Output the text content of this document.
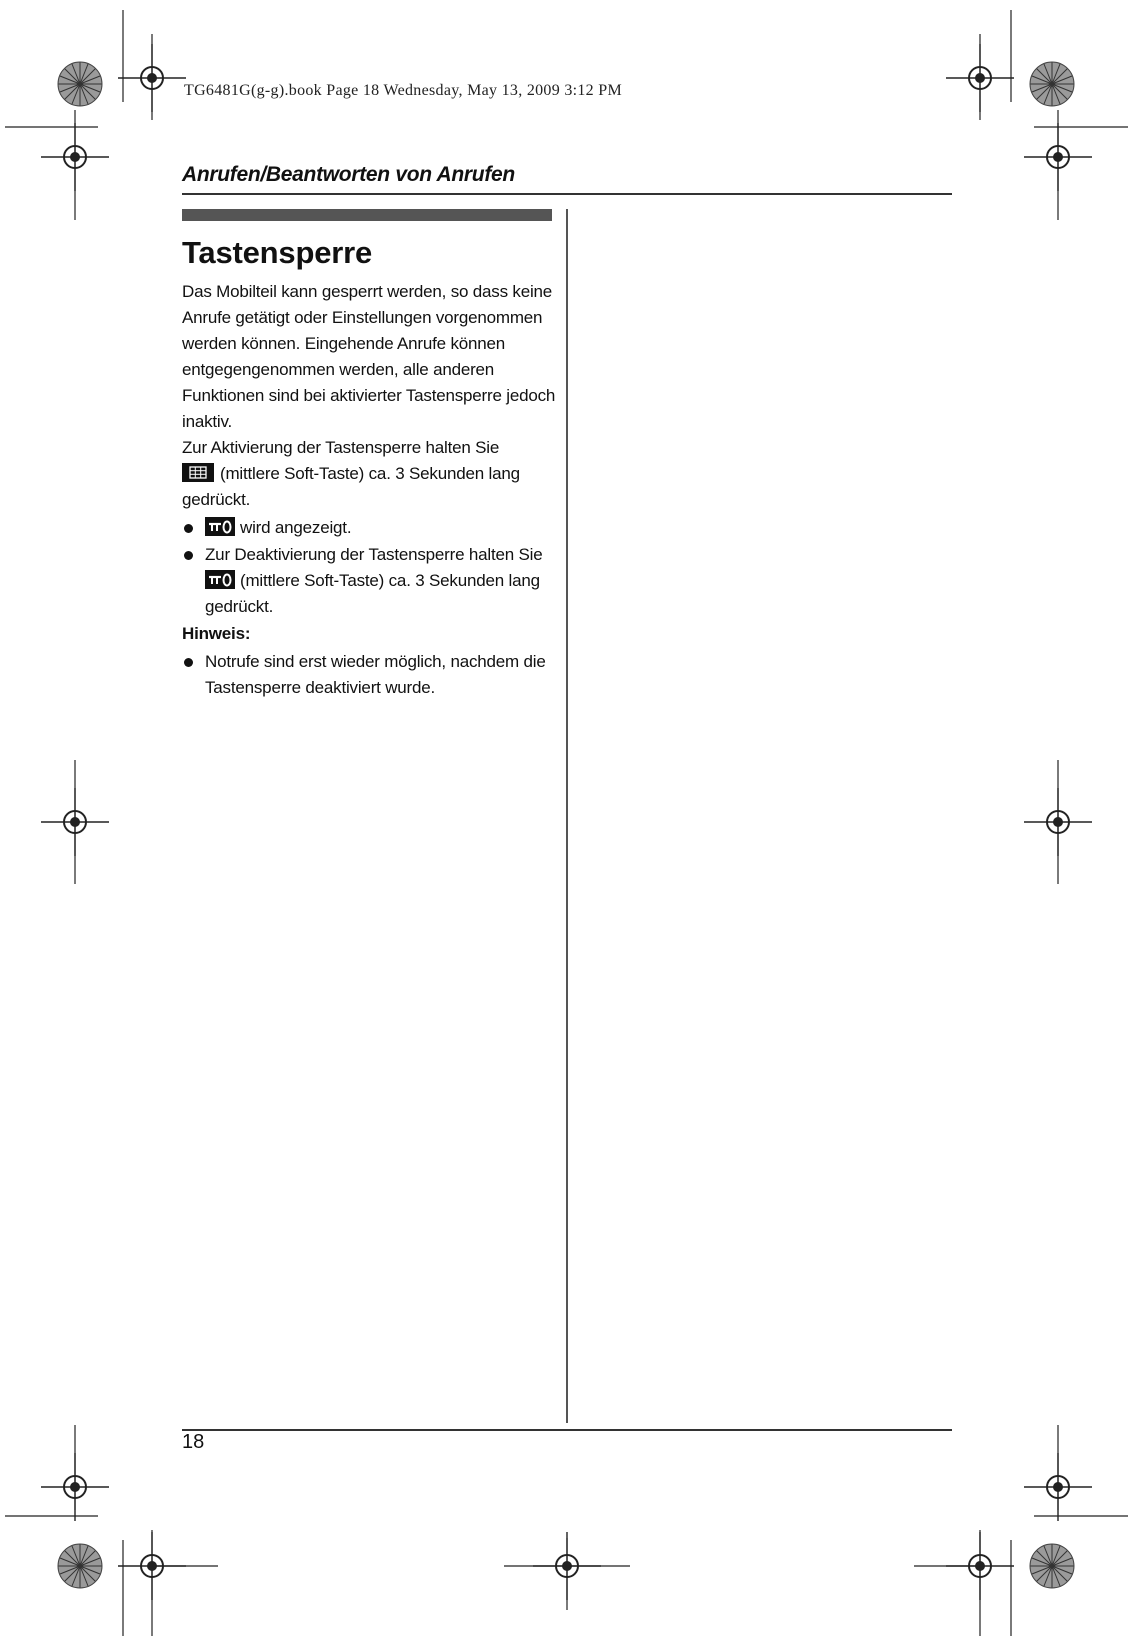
TG6481G(g-g).book Page 18 Wednesday, May 13, 2009 3:12 PM
Anrufen/Beantworten von Anrufen
Tastensperre

Das Mobilteil kann gesperrt werden, so dass keine Anrufe getätigt oder Einstellungen vorgenommen werden können. Eingehende Anrufe können entgegengenommen werden, alle anderen Funktionen sind bei aktivierter Tastensperre jedoch inaktiv.

Zur Aktivierung der Tastensperre halten Sie

(mittlere Soft-Taste) ca. 3 Sekunden lang gedrückt.

wird angezeigt.
Zur Deaktivierung der Tastensperre halten Sie
(mittlere Soft-Taste) ca. 3 Sekunden lang gedrückt.

Hinweis:

Notrufe sind erst wieder möglich, nachdem die Tastensperre deaktiviert wurde.
18
